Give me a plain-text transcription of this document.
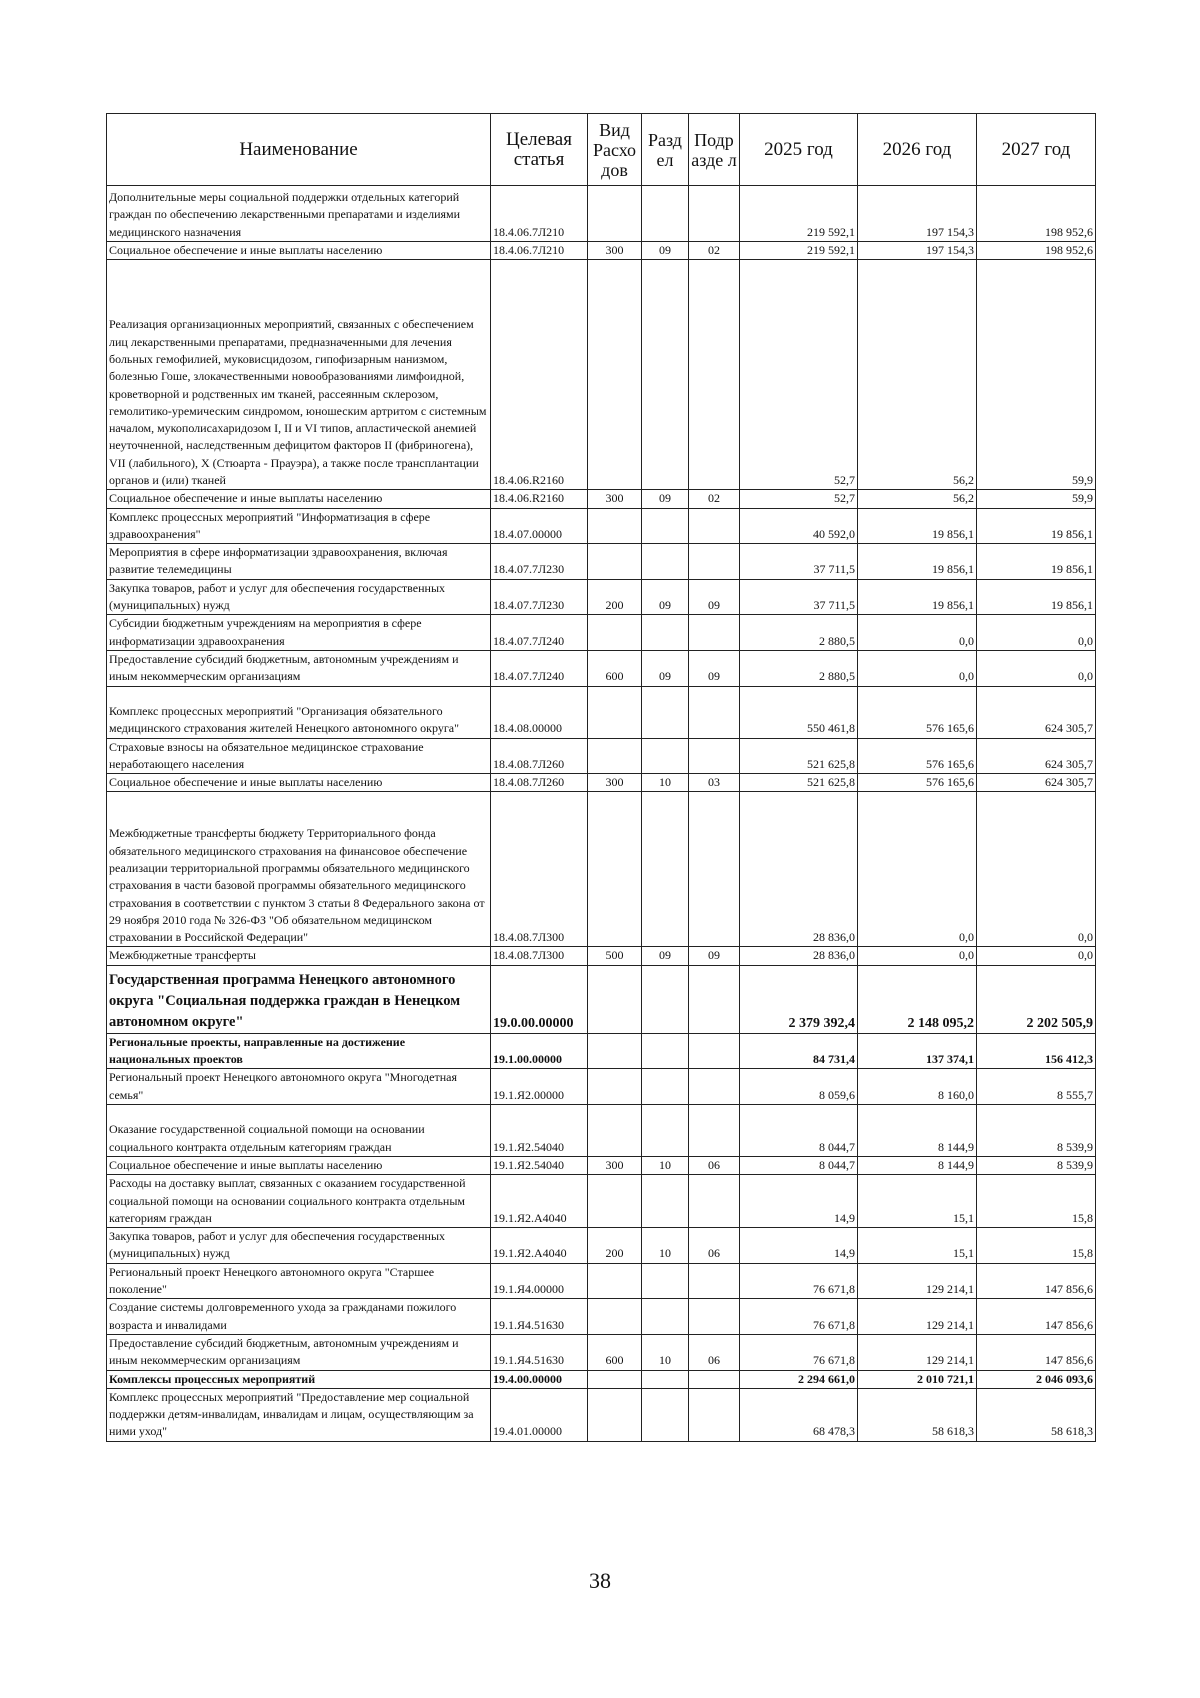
Наименование	Целевая статья	Вид Расхо дов	Разд ел	Подр азде л	2025 год	2026 год	2027 год
Дополнительные меры социальной поддержки отдельных категорий граждан по обеспечению лекарственными препаратами и изделиями медицинского назначения	18.4.06.7Л210				219 592,1	197 154,3	198 952,6
Социальное обеспечение и иные выплаты населению	18.4.06.7Л210	300	09	02	219 592,1	197 154,3	198 952,6
Реализация организационных мероприятий, связанных с обеспечением лиц лекарственными препаратами, предназначенными для лечения больных гемофилией, муковисцидозом, гипофизарным нанизмом, болезнью Гоше, злокачественными новообразованиями лимфоидной, кроветворной и родственных им тканей, рассеянным склерозом, гемолитико-уремическим синдромом, юношеским артритом с системным началом, мукополисахаридозом I, II и VI типов, апластической анемией неуточненной, наследственным дефицитом факторов II (фибриногена), VII (лабильного), X (Стюарта - Прауэра), а также после трансплантации органов и (или) тканей	18.4.06.R2160				52,7	56,2	59,9
Социальное обеспечение и иные выплаты населению	18.4.06.R2160	300	09	02	52,7	56,2	59,9
Комплекс процессных мероприятий "Информатизация в сфере здравоохранения"	18.4.07.00000				40 592,0	19 856,1	19 856,1
Мероприятия в сфере информатизации здравоохранения, включая развитие телемедицины	18.4.07.7Л230				37 711,5	19 856,1	19 856,1
Закупка товаров, работ и услуг для обеспечения государственных (муниципальных) нужд	18.4.07.7Л230	200	09	09	37 711,5	19 856,1	19 856,1
Субсидии бюджетным учреждениям на мероприятия в сфере информатизации здравоохранения	18.4.07.7Л240				2 880,5	0,0	0,0
Предоставление субсидий бюджетным, автономным учреждениям и иным некоммерческим организациям	18.4.07.7Л240	600	09	09	2 880,5	0,0	0,0
Комплекс процессных мероприятий "Организация обязательного медицинского страхования жителей Ненецкого автономного округа"	18.4.08.00000				550 461,8	576 165,6	624 305,7
Страховые взносы на обязательное медицинское страхование неработающего населения	18.4.08.7Л260				521 625,8	576 165,6	624 305,7
Социальное обеспечение и иные выплаты населению	18.4.08.7Л260	300	10	03	521 625,8	576 165,6	624 305,7
Межбюджетные трансферты бюджету Территориального фонда обязательного медицинского страхования на финансовое обеспечение реализации территориальной программы обязательного медицинского страхования в части базовой программы обязательного медицинского страхования в соответствии с пунктом 3 статьи 8 Федерального закона от 29 ноября 2010 года № 326-ФЗ "Об обязательном медицинском страховании в Российской Федерации"	18.4.08.7Л300				28 836,0	0,0	0,0
Межбюджетные трансферты	18.4.08.7Л300	500	09	09	28 836,0	0,0	0,0
Государственная программа Ненецкого автономного округа "Социальная поддержка граждан в Ненецком автономном округе"	19.0.00.00000				2 379 392,4	2 148 095,2	2 202 505,9
Региональные проекты, направленные на достижение национальных проектов	19.1.00.00000				84 731,4	137 374,1	156 412,3
Региональный проект Ненецкого автономного округа "Многодетная семья"	19.1.Я2.00000				8 059,6	8 160,0	8 555,7
Оказание государственной социальной помощи на основании социального контракта отдельным категориям граждан	19.1.Я2.54040				8 044,7	8 144,9	8 539,9
Социальное обеспечение и иные выплаты населению	19.1.Я2.54040	300	10	06	8 044,7	8 144,9	8 539,9
Расходы на доставку выплат, связанных с оказанием государственной социальной помощи на основании социального контракта отдельным категориям граждан	19.1.Я2.А4040				14,9	15,1	15,8
Закупка товаров, работ и услуг для обеспечения государственных (муниципальных) нужд	19.1.Я2.А4040	200	10	06	14,9	15,1	15,8
Региональный проект Ненецкого автономного округа "Старшее поколение"	19.1.Я4.00000				76 671,8	129 214,1	147 856,6
Создание системы долговременного ухода за гражданами пожилого возраста и инвалидами	19.1.Я4.51630				76 671,8	129 214,1	147 856,6
Предоставление субсидий бюджетным, автономным учреждениям и иным некоммерческим организациям	19.1.Я4.51630	600	10	06	76 671,8	129 214,1	147 856,6
Комплексы процессных мероприятий	19.4.00.00000				2 294 661,0	2 010 721,1	2 046 093,6
Комплекс процессных мероприятий "Предоставление мер социальной поддержки детям-инвалидам, инвалидам и лицам, осуществляющим за ними уход"	19.4.01.00000				68 478,3	58 618,3	58 618,3
38
